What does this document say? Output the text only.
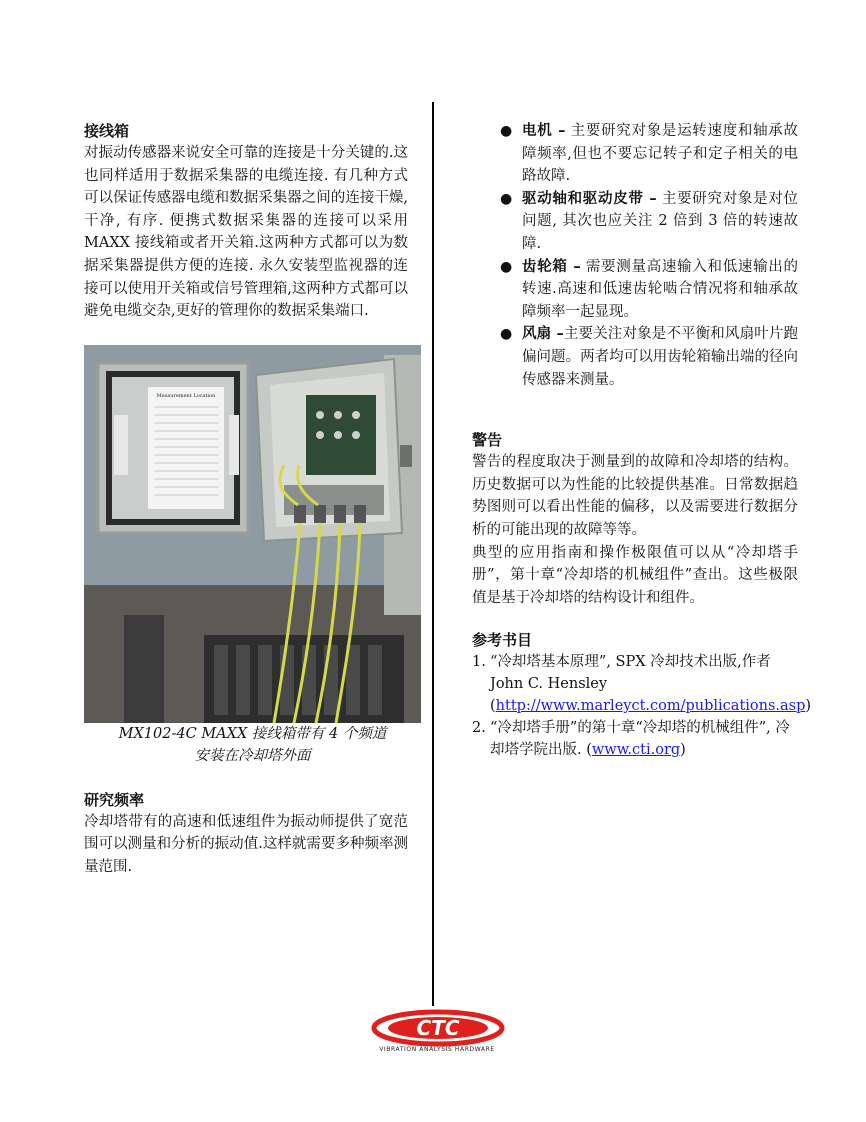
接线箱

对振动传感器来说安全可靠的连接是十分关键的.这也同样适用于数据采集器的电缆连接. 有几种方式可以保证传感器电缆和数据采集器之间的连接干燥,干净, 有序. 便携式数据采集器的连接可以采用 MAXX 接线箱或者开关箱.这两种方式都可以为数据采集器提供方便的连接. 永久安装型监视器的连接可以使用开关箱或信号管理箱,这两种方式都可以避免电缆交杂,更好的管理你的数据采集端口.

Measurement Location
MX102-4C MAXX 接线箱带有 4 个频道
安装在冷却塔外面
研究频率

冷却塔带有的高速和低速组件为振动师提供了宽范围可以测量和分析的振动值.这样就需要多种频率测量范围.

● 电机 – 主要研究对象是运转速度和轴承故障频率,但也不要忘记转子和定子相关的电路故障.
● 驱动轴和驱动皮带 – 主要研究对象是对位问题, 其次也应关注 2 倍到 3 倍的转速故障.
● 齿轮箱 – 需要测量高速输入和低速输出的转速.高速和低速齿轮啮合情况将和轴承故障频率一起显现。
● 风扇 –主要关注对象是不平衡和风扇叶片跑偏问题。两者均可以用齿轮箱输出端的径向传感器来测量。
警告

警告的程度取决于测量到的故障和冷却塔的结构。历史数据可以为性能的比较提供基准。日常数据趋势图则可以看出性能的偏移，以及需要进行数据分析的可能出现的故障等等。

典型的应用指南和操作极限值可以从“冷却塔手册”，第十章“冷却塔的机械组件”查出。这些极限值是基于冷却塔的结构设计和组件。

参考书目
1. “冷却塔基本原理”, SPX 冷却技术出版,作者 John C. Hensley
(http://www.marleyct.com/publications.asp)
2. “冷却塔手册”的第十章“冷却塔的机械组件”, 冷却塔学院出版. (www.cti.org)
CTC
VIBRATION ANALYSIS HARDWARE
